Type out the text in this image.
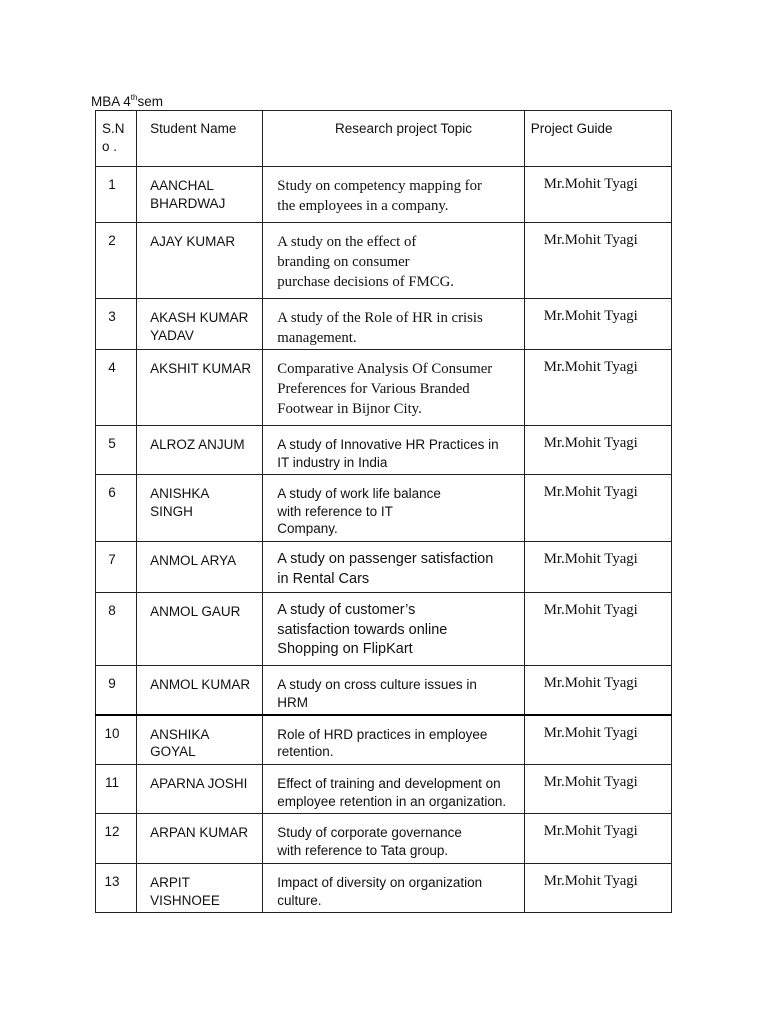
MBA 4thsem
S.N
o .	Student Name	Research project Topic	Project Guide

1	AANCHAL
BHARDWAJ	Study on competency mapping for
the employees in a company.	Mr.Mohit Tyagi

2	AJAY KUMAR	A study on the effect of
branding on consumer
purchase decisions of FMCG.	Mr.Mohit Tyagi

3	AKASH KUMAR
YADAV	A study of the Role of HR in crisis
management.	Mr.Mohit Tyagi

4	AKSHIT KUMAR	Comparative Analysis Of Consumer
Preferences for Various Branded
Footwear in Bijnor City.	Mr.Mohit Tyagi

5	ALROZ ANJUM	A study of Innovative HR Practices in
IT industry in India	Mr.Mohit Tyagi

6	ANISHKA
SINGH	A study of work life balance
with reference to IT
Company.	Mr.Mohit Tyagi

7	ANMOL ARYA	A study on passenger satisfaction
in Rental Cars	Mr.Mohit Tyagi

8	ANMOL GAUR	A study of customer’s
satisfaction towards online
Shopping on FlipKart	Mr.Mohit Tyagi

9	ANMOL KUMAR	A study on cross culture issues in
HRM	Mr.Mohit Tyagi

10	ANSHIKA
GOYAL	Role of HRD practices in employee
retention.	Mr.Mohit Tyagi

11	APARNA JOSHI	Effect of training and development on
employee retention in an organization.	Mr.Mohit Tyagi

12	ARPAN KUMAR	Study of corporate governance
with reference to Tata group.	Mr.Mohit Tyagi

13	ARPIT
VISHNOEE	Impact of diversity on organization
culture.	Mr.Mohit Tyagi
